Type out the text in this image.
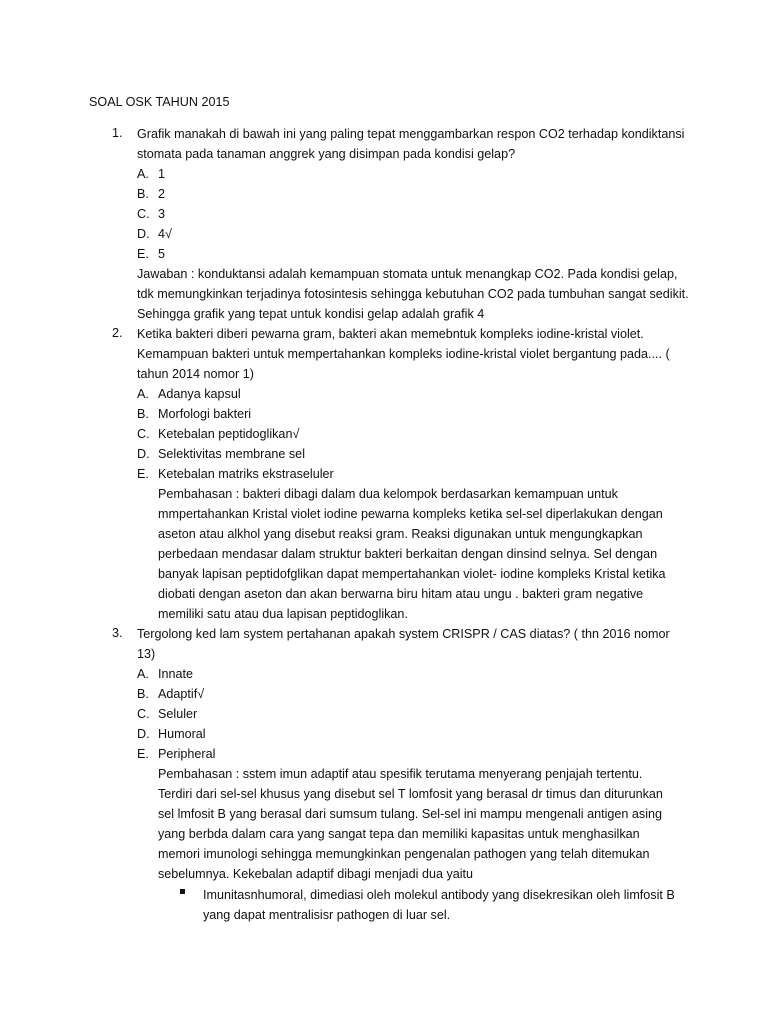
SOAL OSK TAHUN 2015
1. Grafik manakah di bawah ini yang paling tepat menggambarkan respon CO2 terhadap kondiktansi stomata pada tanaman anggrek yang disimpan pada kondisi gelap?
A. 1
B. 2
C. 3
D. 4√
E. 5
Jawaban : konduktansi adalah kemampuan stomata untuk menangkap CO2. Pada kondisi gelap, tdk memungkinkan terjadinya fotosintesis sehingga kebutuhan CO2 pada tumbuhan sangat sedikit. Sehingga grafik yang tepat untuk kondisi gelap adalah grafik 4
2. Ketika bakteri diberi pewarna gram, bakteri akan memebntuk kompleks iodine-kristal violet. Kemampuan bakteri untuk mempertahankan kompleks iodine-kristal violet bergantung pada.... ( tahun 2014 nomor 1)
A. Adanya kapsul
B. Morfologi bakteri
C. Ketebalan peptidoglikan√
D. Selektivitas membrane sel
E. Ketebalan matriks ekstraseluler
Pembahasan : bakteri dibagi dalam dua kelompok berdasarkan kemampuan untuk mmpertahankan Kristal violet iodine pewarna kompleks ketika sel-sel diperlakukan dengan aseton atau alkhol yang disebut reaksi gram. Reaksi digunakan untuk mengungkapkan perbedaan mendasar dalam struktur bakteri berkaitan dengan dinsind selnya. Sel dengan banyak lapisan peptidofglikan dapat mempertahankan violet- iodine kompleks Kristal ketika diobati dengan aseton dan akan berwarna biru hitam atau ungu . bakteri gram negative memiliki satu atau dua lapisan peptidoglikan.
3. Tergolong ked lam system pertahanan apakah system CRISPR / CAS diatas? ( thn 2016 nomor 13)
A. Innate
B. Adaptif√
C. Seluler
D. Humoral
E. Peripheral
Pembahasan : sstem imun adaptif atau spesifik terutama menyerang penjajah tertentu. Terdiri dari sel-sel khusus yang disebut sel T lomfosit yang berasal dr timus dan diturunkan sel lmfosit B yang berasal dari sumsum tulang. Sel-sel ini mampu mengenali antigen asing yang berbda dalam cara yang sangat tepa dan memiliki kapasitas untuk menghasilkan memori imunologi sehingga memungkinkan pengenalan pathogen yang telah ditemukan sebelumnya. Kekebalan adaptif dibagi menjadi dua yaitu
Imunitasnhumoral, dimediasi oleh molekul antibody yang disekresikan oleh limfosit B yang dapat mentralisisr pathogen di luar sel.
